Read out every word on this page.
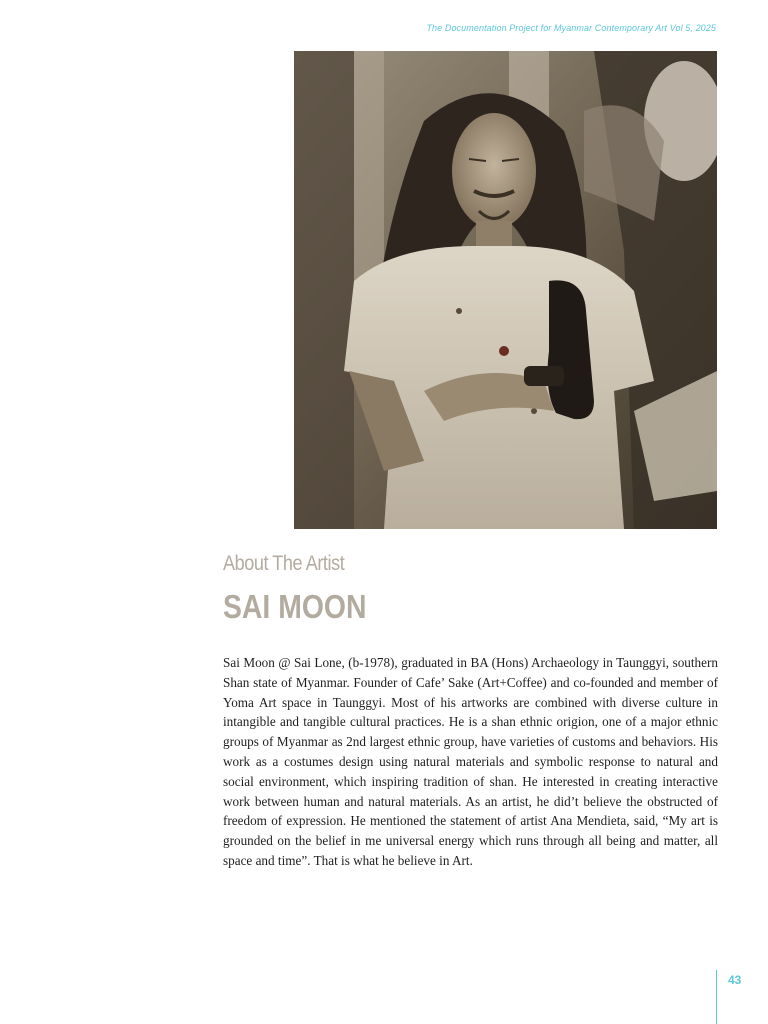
The Documentation Project for Myanmar Contemporary Art Vol 5, 2025
About The Artist
SAI MOON

Sai Moon @ Sai Lone, (b-1978), graduated in BA (Hons) Archaeology in Taunggyi, southern Shan state of Myanmar. Founder of Cafe’ Sake (Art+Coffee) and co-founded and member of Yoma Art space in Taunggyi. Most of his artworks are combined with diverse culture in intangible and tangible cultural practices. He is a shan ethnic origion, one of a major ethnic groups of Myanmar as 2nd largest ethnic group, have varieties of customs and behaviors. His work as a costumes design using natural materials and symbolic response to natural and social environment, which inspiring tradition of shan. He interested in creating interactive work between human and natural materials. As an artist, he did’t believe the obstructed of freedom of expression. He mentioned the statement of artist Ana Mendieta, said, “My art is grounded on the belief in me universal energy which runs through all being and matter, all space and time”. That is what he believe in Art.

43
